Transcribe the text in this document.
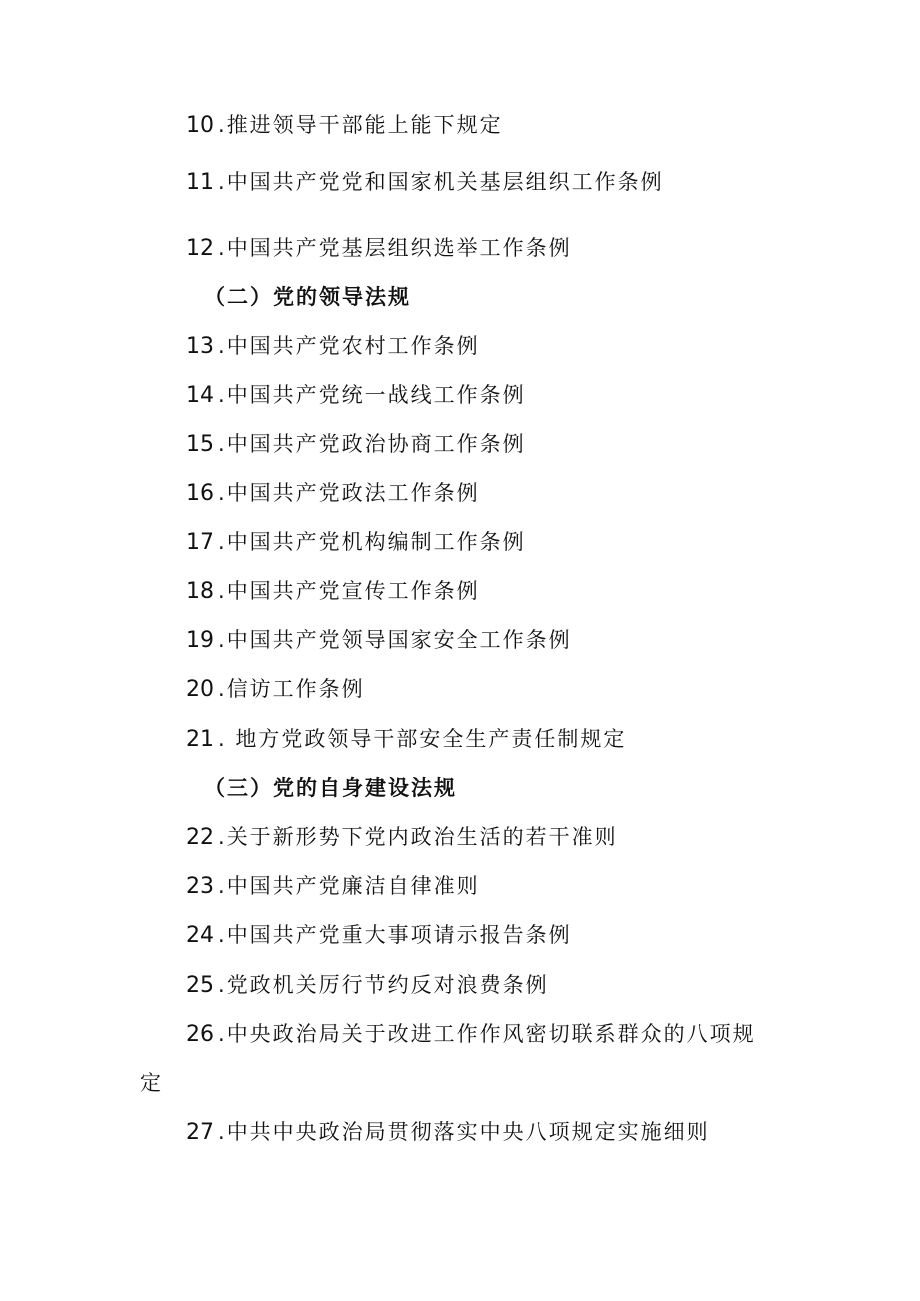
10 .推进领导干部能上能下规定
11 .中国共产党党和国家机关基层组织工作条例
12 .中国共产党基层组织选举工作条例
（二）党的领导法规
13 .中国共产党农村工作条例
14 .中国共产党统一战线工作条例
15 .中国共产党政治协商工作条例
16 .中国共产党政法工作条例
17 .中国共产党机构编制工作条例
18 .中国共产党宣传工作条例
19 .中国共产党领导国家安全工作条例
20 .信访工作条例
21 . 地方党政领导干部安全生产责任制规定
（三）党的自身建设法规
22 .关于新形势下党内政治生活的若干准则
23 .中国共产党廉洁自律准则
24 .中国共产党重大事项请示报告条例
25 .党政机关厉行节约反对浪费条例
26 .中央政治局关于改进工作作风密切联系群众的八项规
定
27 .中共中央政治局贯彻落实中央八项规定实施细则
